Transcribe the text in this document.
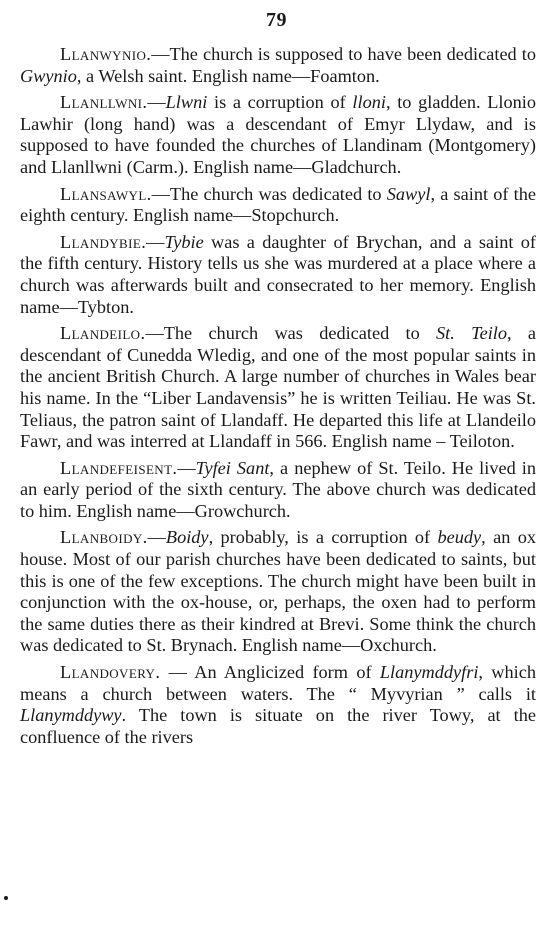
79

Llanwynio.—The church is supposed to have been dedicated to Gwynio, a Welsh saint. English name—Foamton.

Llanllwni.—Llwni is a corruption of lloni, to gladden. Llonio Lawhir (long hand) was a descendant of Emyr Llydaw, and is supposed to have founded the churches of Llandinam (Montgomery) and Llanllwni (Carm.). English name—Gladchurch.

Llansawyl.—The church was dedicated to Sawyl, a saint of the eighth century. English name—Stopchurch.

Llandybie.—Tybie was a daughter of Brychan, and a saint of the fifth century. History tells us she was murdered at a place where a church was afterwards built and consecrated to her memory. English name—Tybton.

Llandeilo.—The church was dedicated to St. Teilo, a descendant of Cunedda Wledig, and one of the most popular saints in the ancient British Church. A large number of churches in Wales bear his name. In the “Liber Landavensis” he is written Teiliau. He was St. Teliaus, the patron saint of Llandaff. He departed this life at Llandeilo Fawr, and was interred at Llandaff in 566. English name – Teiloton.

Llandefeisent.—Tyfei Sant, a nephew of St. Teilo. He lived in an early period of the sixth century. The above church was dedicated to him. English name—Growchurch.

Llanboidy.—Boidy, probably, is a corruption of beudy, an ox house. Most of our parish churches have been dedicated to saints, but this is one of the few exceptions. The church might have been built in conjunction with the ox-house, or, perhaps, the oxen had to perform the same duties there as their kindred at Brevi. Some think the church was dedicated to St. Brynach. English name—Oxchurch.

Llandovery. — An Anglicized form of Llanymddyfri, which means a church between waters. The “ Myvyrian ” calls it Llanymddywy. The town is situate on the river Towy, at the confluence of the rivers
